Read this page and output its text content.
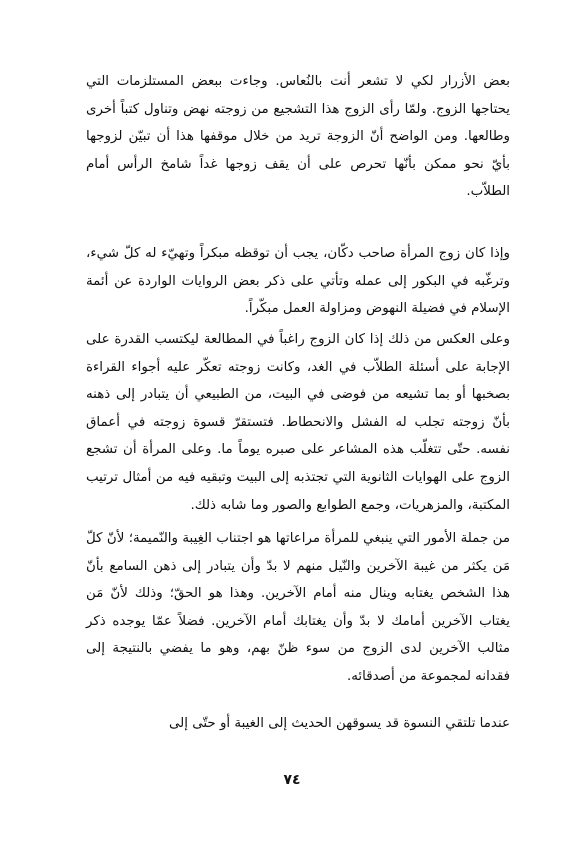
بعض الأزرار لكي لا تشعر أنت بالنُعاس. وجاءت ببعض المستلزمات التي يحتاجها الزوج. ولمّا رأى الزوج هذا التشجيع من زوجته نهض وتناول كتباً أخرى وطالعها. ومن الواضح أنّ الزوجة تريد من خلال موقفها هذا أن تبيّن لزوجها بأيّ نحو ممكن بأنّها تحرص على أن يقف زوجها غداً شامخ الرأس أمام الطلاّب.

وإذا كان زوج المرأة صاحب دكّان، يجب أن توقظه مبكراً وتهيّء له كلّ شيء، وترغّبه في البكور إلى عمله وتأتي على ذكر بعض الروايات الواردة عن أئمة الإسلام في فضيلة النهوض ومزاولة العمل مبكّراً.

وعلى العكس من ذلك إذا كان الزوج راغباً في المطالعة ليكتسب القدرة على الإجابة على أسئلة الطلاّب في الغد، وكانت زوجته تعكّر عليه أجواء القراءة بصخبها أو بما تشيعه من فوضى في البيت، من الطبيعي أن يتبادر إلى ذهنه بأنّ زوجته تجلب له الفشل والانحطاط. فتستقرّ قسوة زوجته في أعماق نفسه. حتّى تتغلّب هذه المشاعر على صبره يوماً ما. وعلى المرأة أن تشجع الزوج على الهوايات الثانوية التي تجتذبه إلى البيت وتبقيه فيه من أمثال ترتيب المكتبة، والمزهريات، وجمع الطوابع والصور وما شابه ذلك.

من جملة الأمور التي ينبغي للمرأة مراعاتها هو اجتناب الغِيبة والنّميمة؛ لأنّ كلّ مَن يكثر من غيبة الآخرين والنّيل منهم لا بدّ وأن يتبادر إلى ذهن السامع بأنّ هذا الشخص يغتابه وينال منه أمام الآخرين. وهذا هو الحقّ؛ وذلك لأنّ مَن يغتاب الآخرين أمامك لا بدّ وأن يغتابك أمام الآخرين. فضلاً عمّا يوجده ذكر مثالب الآخرين لدى الزوج من سوء ظنّ بهم، وهو ما يفضي بالنتيجة إلى فقدانه لمجموعة من أصدقائه.

عندما تلتقي النسوة قد يسوقهن الحديث إلى الغيبة أو حتّى إلى

٧٤
